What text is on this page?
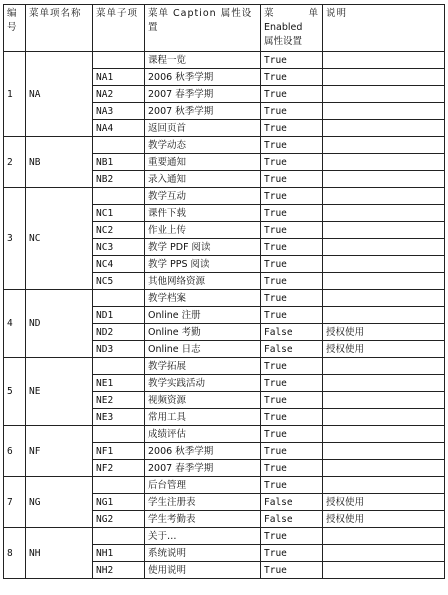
编号	菜单项名称	菜单子项	菜单 Caption 属性设置	菜 单
Enabled
属性设置	说明
1	NA		课程一览	True	
		NA1	2006 秋季学期	True	
		NA2	2007 春季学期	True	
		NA3	2007 秋季学期	True	
		NA4	返回页首	True	
2	NB		教学动态	True	
		NB1	重要通知	True	
		NB2	录入通知	True	
3	NC		教学互动	True	
		NC1	课件下载	True	
		NC2	作业上传	True	
		NC3	教学 PDF 阅读	True	
		NC4	教学 PPS 阅读	True	
		NC5	其他网络资源	True	
4	ND		教学档案	True	
		ND1	Online 注册	True	
		ND2	Online 考勤	False	授权使用
		ND3	Online 日志	False	授权使用
5	NE		教学拓展	True	
		NE1	教学实践活动	True	
		NE2	视频资源	True	
		NE3	常用工具	True	
6	NF		成绩评估	True	
		NF1	2006 秋季学期	True	
		NF2	2007 春季学期	True	
7	NG		后台管理	True	
		NG1	学生注册表	False	授权使用
		NG2	学生考勤表	False	授权使用
8	NH		关于…	True	
		NH1	系统说明	True	
		NH2	使用说明	True	
